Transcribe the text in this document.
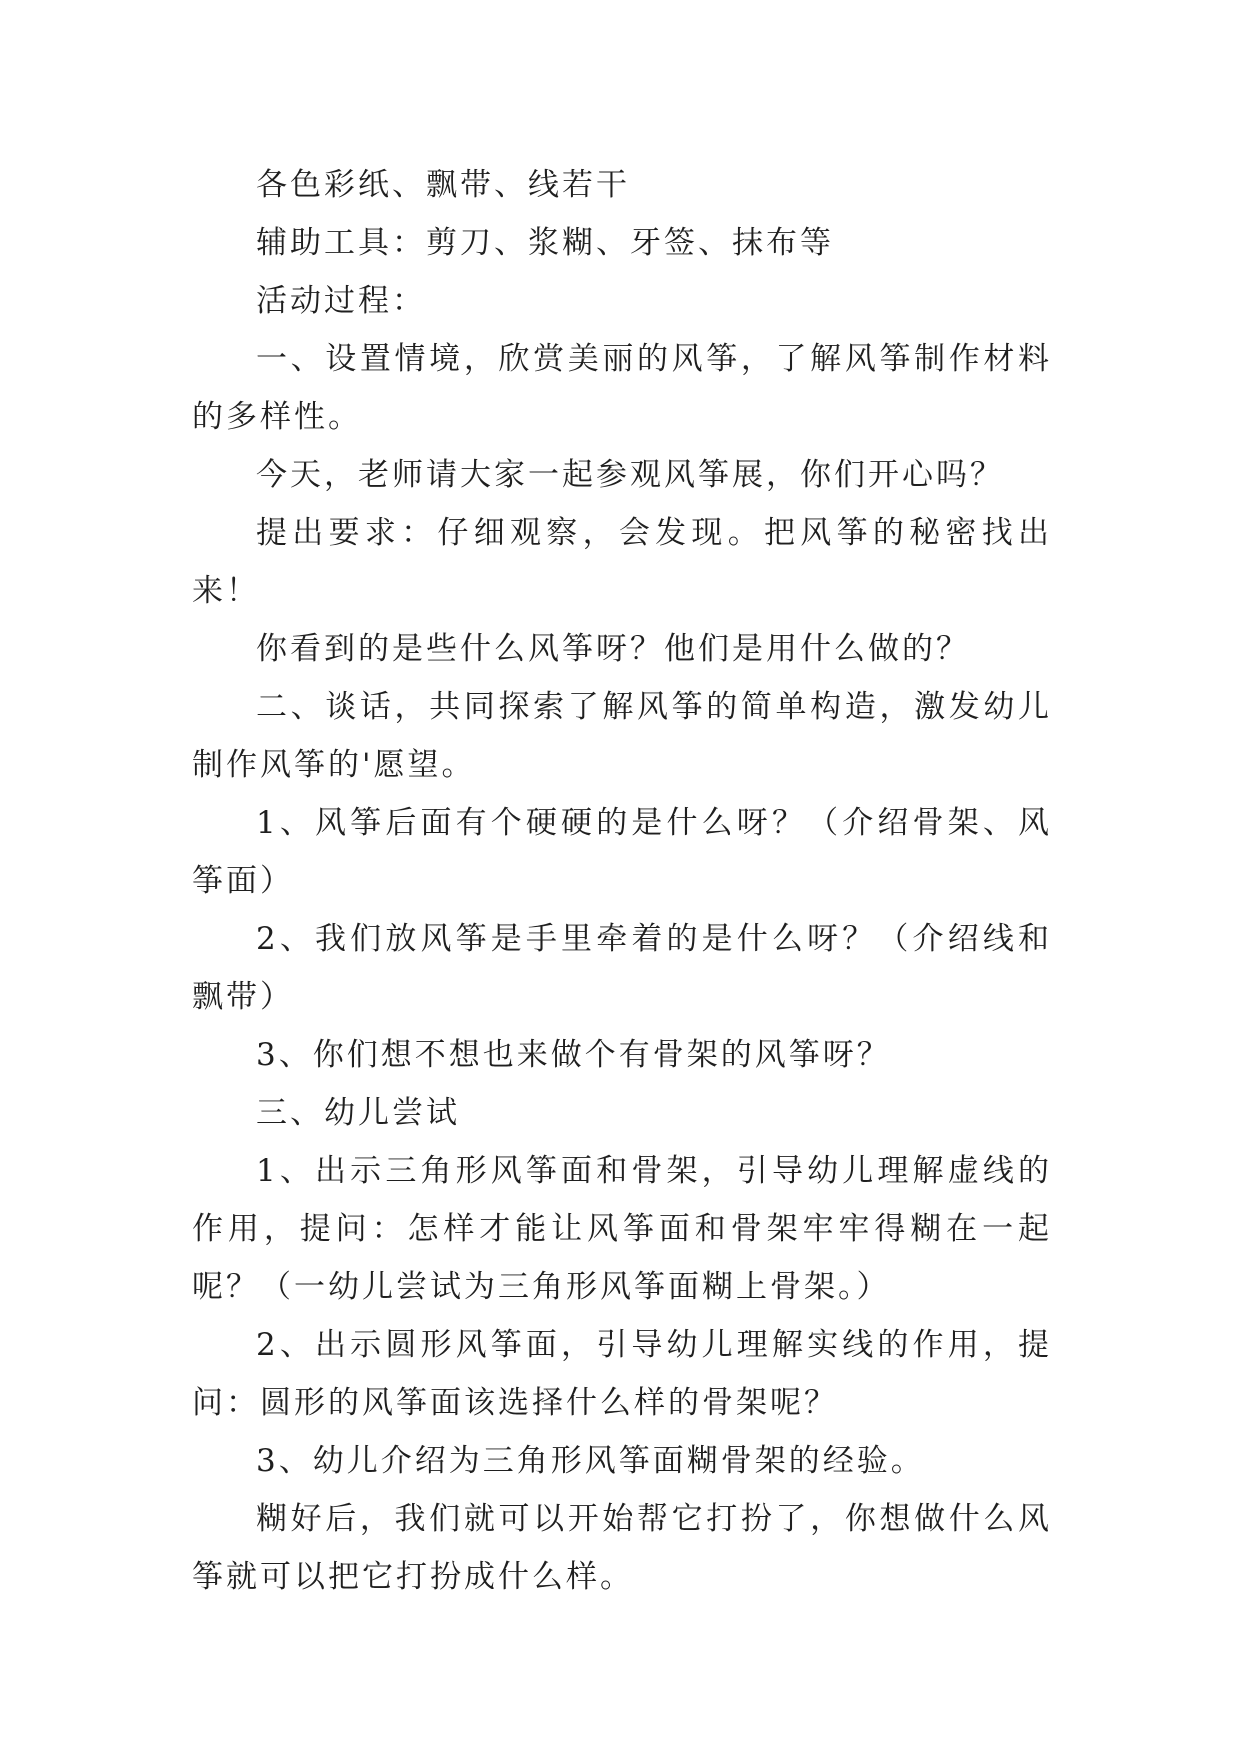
各色彩纸、飘带、线若干

辅助工具：剪刀、浆糊、牙签、抹布等

活动过程：

一、设置情境，欣赏美丽的风筝，了解风筝制作材料的多样性。

今天，老师请大家一起参观风筝展，你们开心吗？

提出要求：仔细观察，会发现。把风筝的秘密找出来！

你看到的是些什么风筝呀？他们是用什么做的？

二、谈话，共同探索了解风筝的简单构造，激发幼儿制作风筝的'愿望。

1、风筝后面有个硬硬的是什么呀？（介绍骨架、风筝面）

2、我们放风筝是手里牵着的是什么呀？（介绍线和飘带）

3、你们想不想也来做个有骨架的风筝呀？

三、幼儿尝试

1、出示三角形风筝面和骨架，引导幼儿理解虚线的作用，提问：怎样才能让风筝面和骨架牢牢得糊在一起呢？（一幼儿尝试为三角形风筝面糊上骨架。）

2、出示圆形风筝面，引导幼儿理解实线的作用，提问：圆形的风筝面该选择什么样的骨架呢？

3、幼儿介绍为三角形风筝面糊骨架的经验。

糊好后，我们就可以开始帮它打扮了，你想做什么风筝就可以把它打扮成什么样。
